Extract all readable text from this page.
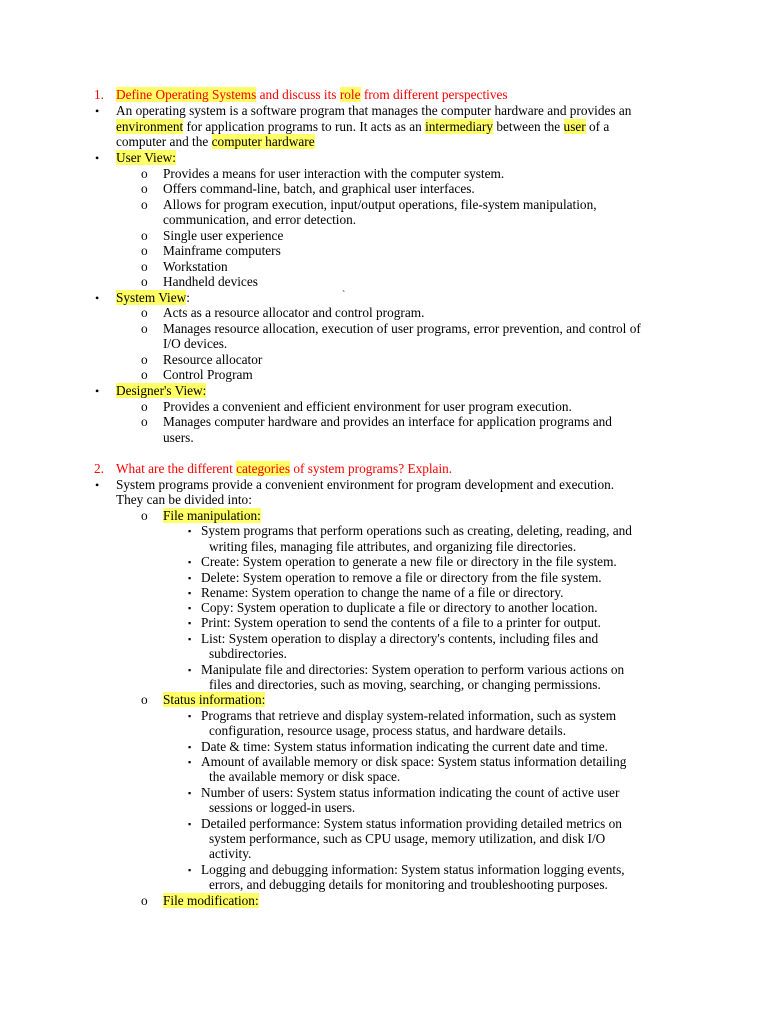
1. Define Operating Systems and discuss its role from different perspectives
• An operating system is a software program that manages the computer hardware and provides an
environment for application programs to run. It acts as an intermediary between the user of a
computer and the computer hardware
• User View:
o Provides a means for user interaction with the computer system.
o Offers command-line, batch, and graphical user interfaces.
o Allows for program execution, input/output operations, file-system manipulation,
communication, and error detection.
o Single user experience
o Mainframe computers
o Workstation
o Handheld devices
• System View:	`
o Acts as a resource allocator and control program.
o Manages resource allocation, execution of user programs, error prevention, and control of
I/O devices.
o Resource allocator
o Control Program
• Designer's View:
o Provides a convenient and efficient environment for user program execution.
o Manages computer hardware and provides an interface for application programs and
users.
2. What are the different categories of system programs? Explain.
• System programs provide a convenient environment for program development and execution.
They can be divided into:
o File manipulation:
▪ System programs that perform operations such as creating, deleting, reading, and
writing files, managing file attributes, and organizing file directories.
▪ Create: System operation to generate a new file or directory in the file system.
▪ Delete: System operation to remove a file or directory from the file system.
▪ Rename: System operation to change the name of a file or directory.
▪ Copy: System operation to duplicate a file or directory to another location.
▪ Print: System operation to send the contents of a file to a printer for output.
▪ List: System operation to display a directory's contents, including files and
subdirectories.
▪ Manipulate file and directories: System operation to perform various actions on
files and directories, such as moving, searching, or changing permissions.
o Status information:
▪ Programs that retrieve and display system-related information, such as system
configuration, resource usage, process status, and hardware details.
▪ Date & time: System status information indicating the current date and time.
▪ Amount of available memory or disk space: System status information detailing
the available memory or disk space.
▪ Number of users: System status information indicating the count of active user
sessions or logged-in users.
▪ Detailed performance: System status information providing detailed metrics on
system performance, such as CPU usage, memory utilization, and disk I/O
activity.
▪ Logging and debugging information: System status information logging events,
errors, and debugging details for monitoring and troubleshooting purposes.
o File modification:
